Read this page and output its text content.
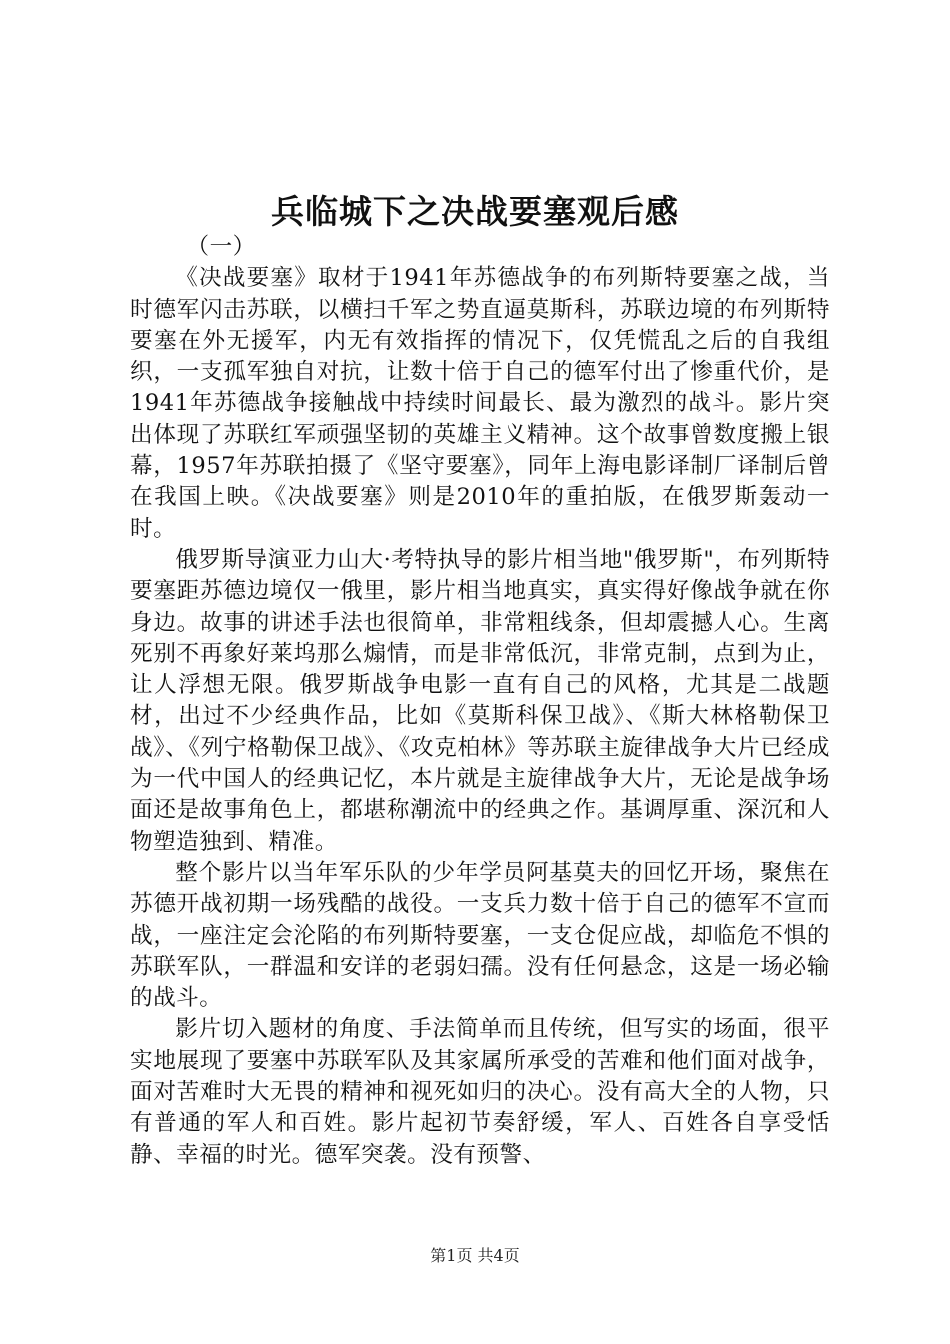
兵临城下之决战要塞观后感

（一）

《决战要塞》取材于1941年苏德战争的布列斯特要塞之战，当时德军闪击苏联，以横扫千军之势直逼莫斯科，苏联边境的布列斯特要塞在外无援军，内无有效指挥的情况下，仅凭慌乱之后的自我组织，一支孤军独自对抗，让数十倍于自己的德军付出了惨重代价，是1941年苏德战争接触战中持续时间最长、最为激烈的战斗。影片突出体现了苏联红军顽强坚韧的英雄主义精神。这个故事曾数度搬上银幕，1957年苏联拍摄了《坚守要塞》，同年上海电影译制厂译制后曾在我国上映。《决战要塞》则是2010年的重拍版，在俄罗斯轰动一时。

俄罗斯导演亚力山大·考特执导的影片相当地"俄罗斯"，布列斯特要塞距苏德边境仅一俄里，影片相当地真实，真实得好像战争就在你身边。故事的讲述手法也很简单，非常粗线条，但却震撼人心。生离死别不再象好莱坞那么煽情，而是非常低沉，非常克制，点到为止，让人浮想无限。俄罗斯战争电影一直有自己的风格，尤其是二战题材，出过不少经典作品，比如《莫斯科保卫战》、《斯大林格勒保卫战》、《列宁格勒保卫战》、《攻克柏林》等苏联主旋律战争大片已经成为一代中国人的经典记忆，本片就是主旋律战争大片，无论是战争场面还是故事角色上，都堪称潮流中的经典之作。基调厚重、深沉和人物塑造独到、精准。

整个影片以当年军乐队的少年学员阿基莫夫的回忆开场，聚焦在苏德开战初期一场残酷的战役。一支兵力数十倍于自己的德军不宣而战，一座注定会沦陷的布列斯特要塞，一支仓促应战，却临危不惧的苏联军队，一群温和安详的老弱妇孺。没有任何悬念，这是一场必输的战斗。

影片切入题材的角度、手法简单而且传统，但写实的场面，很平实地展现了要塞中苏联军队及其家属所承受的苦难和他们面对战争，面对苦难时大无畏的精神和视死如归的决心。没有高大全的人物，只有普通的军人和百姓。影片起初节奏舒缓，军人、百姓各自享受恬静、幸福的时光。德军突袭。没有预警、

第1页 共4页
